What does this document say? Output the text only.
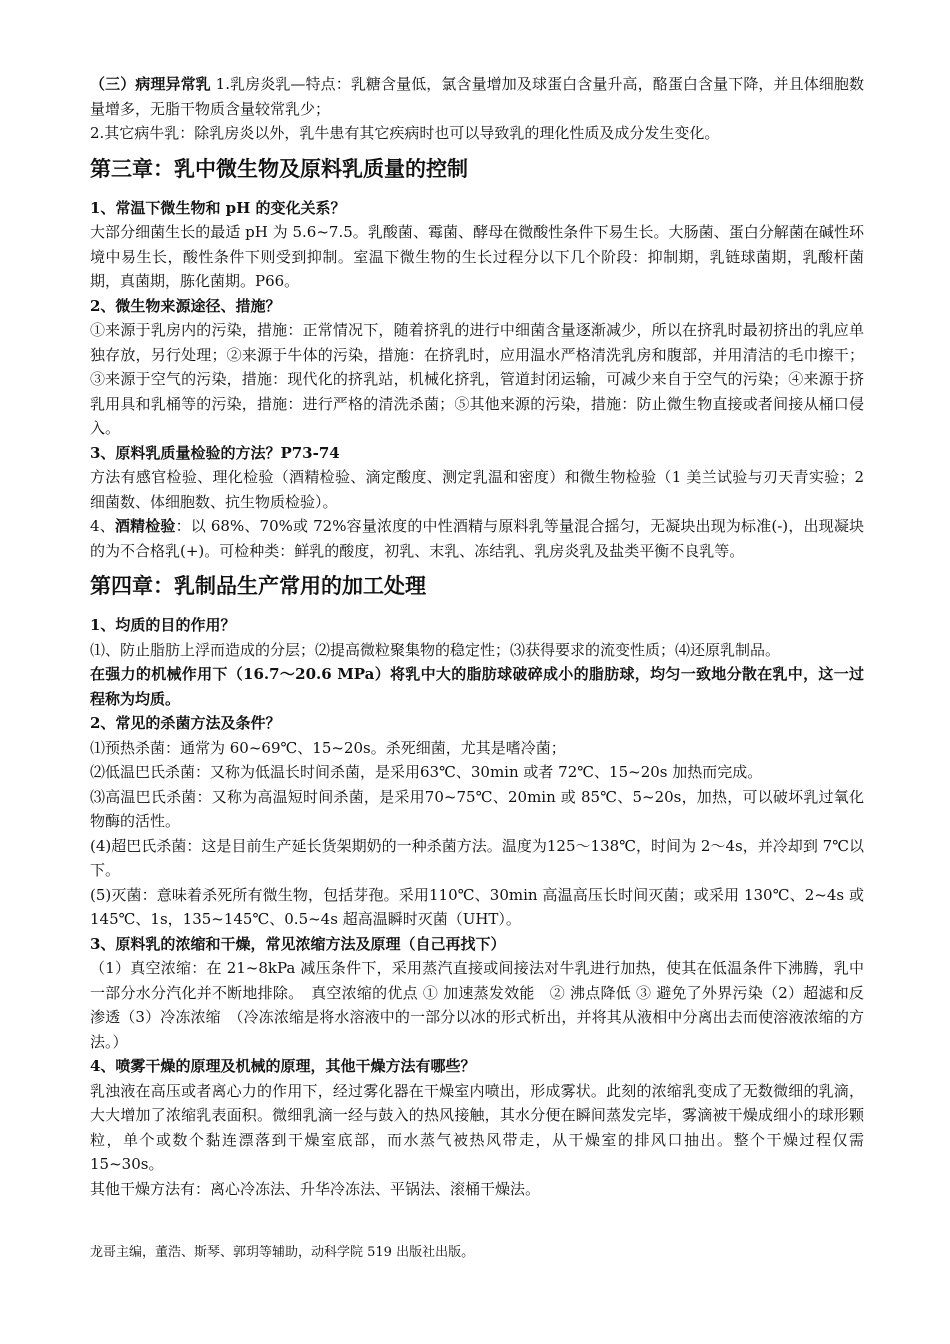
（三）病理异常乳 1.乳房炎乳—特点：乳糖含量低，氯含量增加及球蛋白含量升高，酪蛋白含量下降，并且体细胞数量增多，无脂干物质含量较常乳少；

2.其它病牛乳：除乳房炎以外，乳牛患有其它疾病时也可以导致乳的理化性质及成分发生变化。

第三章：乳中微生物及原料乳质量的控制

1、常温下微生物和 pH 的变化关系？

大部分细菌生长的最适 pH 为 5.6~7.5。乳酸菌、霉菌、酵母在微酸性条件下易生长。大肠菌、蛋白分解菌在碱性环境中易生长，酸性条件下则受到抑制。室温下微生物的生长过程分以下几个阶段：抑制期，乳链球菌期，乳酸杆菌期，真菌期，胨化菌期。P66。

2、微生物来源途径、措施？

①来源于乳房内的污染，措施：正常情况下，随着挤乳的进行中细菌含量逐渐减少，所以在挤乳时最初挤出的乳应单独存放，另行处理；②来源于牛体的污染，措施：在挤乳时，应用温水严格清洗乳房和腹部，并用清洁的毛巾擦干；③来源于空气的污染，措施：现代化的挤乳站，机械化挤乳，管道封闭运输，可减少来自于空气的污染；④来源于挤乳用具和乳桶等的污染，措施：进行严格的清洗杀菌；⑤其他来源的污染，措施：防止微生物直接或者间接从桶口侵入。

3、原料乳质量检验的方法？P73-74

方法有感官检验、理化检验（酒精检验、滴定酸度、测定乳温和密度）和微生物检验（1 美兰试验与刃天青实验；2 细菌数、体细胞数、抗生物质检验）。

4、酒精检验：以 68%、70%或 72%容量浓度的中性酒精与原料乳等量混合摇匀，无凝块出现为标准(-)，出现凝块的为不合格乳(+)。可检种类：鲜乳的酸度，初乳、末乳、冻结乳、乳房炎乳及盐类平衡不良乳等。

第四章：乳制品生产常用的加工处理

1、均质的目的作用？

⑴、防止脂肪上浮而造成的分层；⑵提高微粒聚集物的稳定性；⑶获得要求的流变性质；⑷还原乳制品。

在强力的机械作用下（16.7～20.6 MPa）将乳中大的脂肪球破碎成小的脂肪球，均匀一致地分散在乳中，这一过程称为均质。

2、常见的杀菌方法及条件？

⑴预热杀菌：通常为 60~69℃、15~20s。杀死细菌，尤其是嗜冷菌；

⑵低温巴氏杀菌：又称为低温长时间杀菌，是采用63℃、30min 或者 72℃、15~20s 加热而完成。

⑶高温巴氏杀菌：又称为高温短时间杀菌，是采用70~75℃、20min 或 85℃、5~20s，加热，可以破坏乳过氧化物酶的活性。

(4)超巴氏杀菌：这是目前生产延长货架期奶的一种杀菌方法。温度为125～138℃，时间为 2～4s，并冷却到 7℃以下。

(5)灭菌：意味着杀死所有微生物，包括芽孢。采用110℃、30min 高温高压长时间灭菌；或采用 130℃、2~4s 或 145℃、1s，135~145℃、0.5~4s 超高温瞬时灭菌（UHT）。

3、原料乳的浓缩和干燥，常见浓缩方法及原理（自己再找下）

（1）真空浓缩：在 21~8kPa 减压条件下，采用蒸汽直接或间接法对牛乳进行加热，使其在低温条件下沸腾，乳中一部分水分汽化并不断地排除。　真空浓缩的优点 ① 加速蒸发效能　② 沸点降低 ③ 避免了外界污染（2）超滤和反渗透（3）冷冻浓缩　（冷冻浓缩是将水溶液中的一部分以冰的形式析出，并将其从液相中分离出去而使溶液浓缩的方法。）

4、喷雾干燥的原理及机械的原理，其他干燥方法有哪些？

乳浊液在高压或者离心力的作用下，经过雾化器在干燥室内喷出，形成雾状。此刻的浓缩乳变成了无数微细的乳滴，大大增加了浓缩乳表面积。微细乳滴一经与鼓入的热风接触，其水分便在瞬间蒸发完毕，雾滴被干燥成细小的球形颗粒，单个或数个黏连漂落到干燥室底部，而水蒸气被热风带走，从干燥室的排风口抽出。整个干燥过程仅需 15~30s。

其他干燥方法有：离心冷冻法、升华冷冻法、平锅法、滚桶干燥法。

龙哥主编，董浩、斯琴、郭玥等辅助，动科学院 519 出版社出版。
